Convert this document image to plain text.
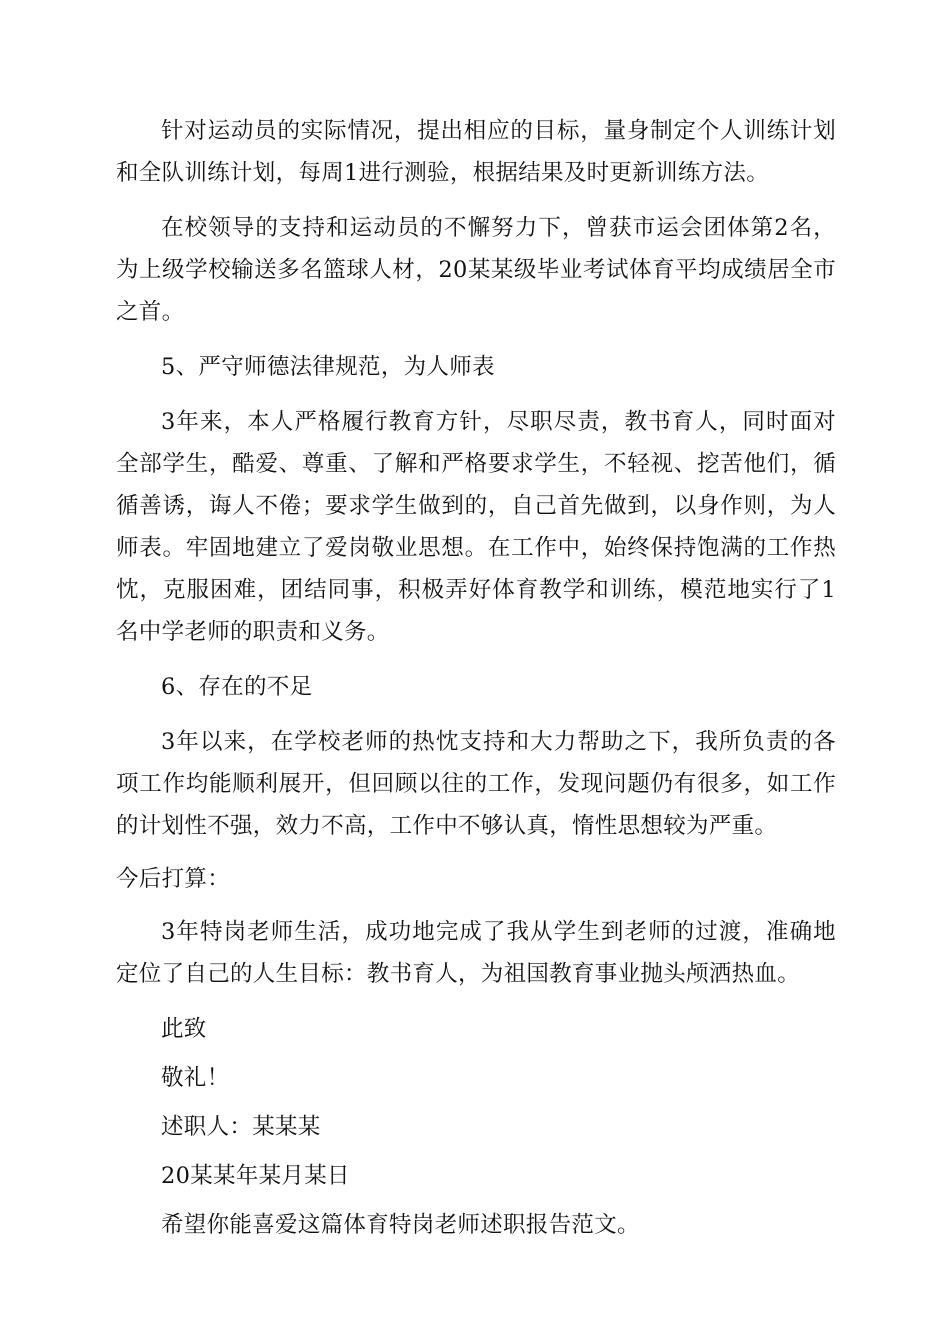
针对运动员的实际情况，提出相应的目标，量身制定个人训练计划和全队训练计划，每周1进行测验，根据结果及时更新训练方法。

在校领导的支持和运动员的不懈努力下，曾获市运会团体第2名，为上级学校输送多名篮球人材，20某某级毕业考试体育平均成绩居全市之首。

5、严守师德法律规范，为人师表

3年来，本人严格履行教育方针，尽职尽责，教书育人，同时面对全部学生，酷爱、尊重、了解和严格要求学生，不轻视、挖苦他们，循循善诱，诲人不倦；要求学生做到的，自己首先做到，以身作则，为人师表。牢固地建立了爱岗敬业思想。在工作中，始终保持饱满的工作热忱，克服困难，团结同事，积极弄好体育教学和训练，模范地实行了1名中学老师的职责和义务。

6、存在的不足

3年以来，在学校老师的热忱支持和大力帮助之下，我所负责的各项工作均能顺利展开，但回顾以往的工作，发现问题仍有很多，如工作的计划性不强，效力不高，工作中不够认真，惰性思想较为严重。

今后打算：

3年特岗老师生活，成功地完成了我从学生到老师的过渡，准确地定位了自己的人生目标：教书育人，为祖国教育事业抛头颅洒热血。

此致

敬礼！

述职人：某某某

20某某年某月某日

希望你能喜爱这篇体育特岗老师述职报告范文。
